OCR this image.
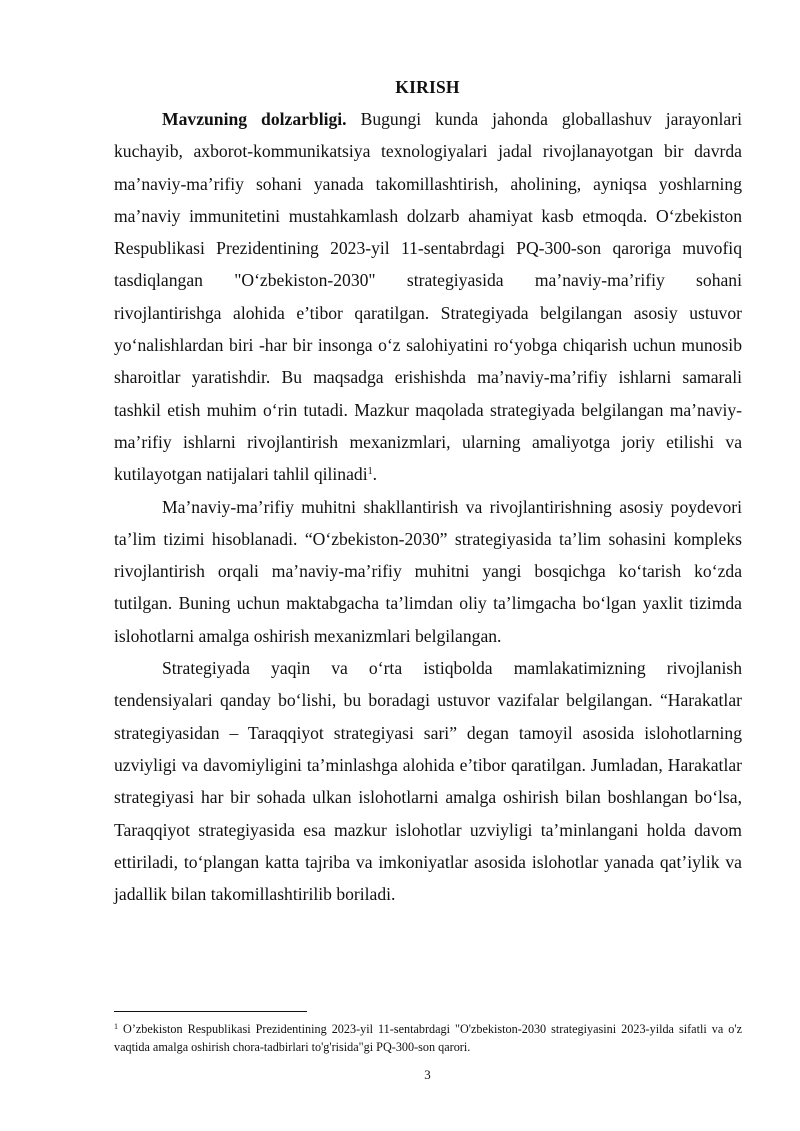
KIRISH

Mavzuning dolzarbligi. Bugungi kunda jahonda globallashuv jarayonlari kuchayib, axborot-kommunikatsiya texnologiyalari jadal rivojlanayotgan bir davrda ma’naviy-ma’rifiy sohani yanada takomillashtirish, aholining, ayniqsa yoshlarning ma’naviy immunitetini mustahkamlash dolzarb ahamiyat kasb etmoqda. O‘zbekiston Respublikasi Prezidentining 2023-yil 11-sentabrdagi PQ-300-son qaroriga muvofiq tasdiqlangan "O‘zbekiston-2030" strategiyasida ma’naviy-ma’rifiy sohani rivojlantirishga alohida e’tibor qaratilgan. Strategiyada belgilangan asosiy ustuvor yo‘nalishlardan biri -har bir insonga o‘z salohiyatini ro‘yobga chiqarish uchun munosib sharoitlar yaratishdir. Bu maqsadga erishishda ma’naviy-ma’rifiy ishlarni samarali tashkil etish muhim o‘rin tutadi. Mazkur maqolada strategiyada belgilangan ma’naviy-ma’rifiy ishlarni rivojlantirish mexanizmlari, ularning amaliyotga joriy etilishi va kutilayotgan natijalari tahlil qilinadi$^1$.

Ma’naviy-ma’rifiy muhitni shakllantirish va rivojlantirishning asosiy poydevori ta’lim tizimi hisoblanadi. “O‘zbekiston-2030” strategiyasida ta’lim sohasini kompleks rivojlantirish orqali ma’naviy-ma’rifiy muhitni yangi bosqichga ko‘tarish ko‘zda tutilgan. Buning uchun maktabgacha ta’limdan oliy ta’limgacha bo‘lgan yaxlit tizimda islohotlarni amalga oshirish mexanizmlari belgilangan.

Strategiyada yaqin va o‘rta istiqbolda mamlakatimizning rivojlanish tendensiyalari qanday bo‘lishi, bu boradagi ustuvor vazifalar belgilangan. “Harakatlar strategiyasidan – Taraqqiyot strategiyasi sari” degan tamoyil asosida islohotlarning uzviyligi va davomiyligini ta’minlashga alohida e’tibor qaratilgan. Jumladan, Harakatlar strategiyasi har bir sohada ulkan islohotlarni amalga oshirish bilan boshlangan bo‘lsa, Taraqqiyot strategiyasida esa mazkur islohotlar uzviyligi ta’minlangani holda davom ettiriladi, to‘plangan katta tajriba va imkoniyatlar asosida islohotlar yanada qat’iylik va jadallik bilan takomillashtirilib boriladi.

$^1$ O’zbekiston Respublikasi Prezidentining 2023-yil 11-sentabrdagi "O'zbekiston-2030 strategiyasini 2023-yilda sifatli va o'z vaqtida amalga oshirish chora-tadbirlari to'g'risida"gi PQ-300-son qarori.
3
